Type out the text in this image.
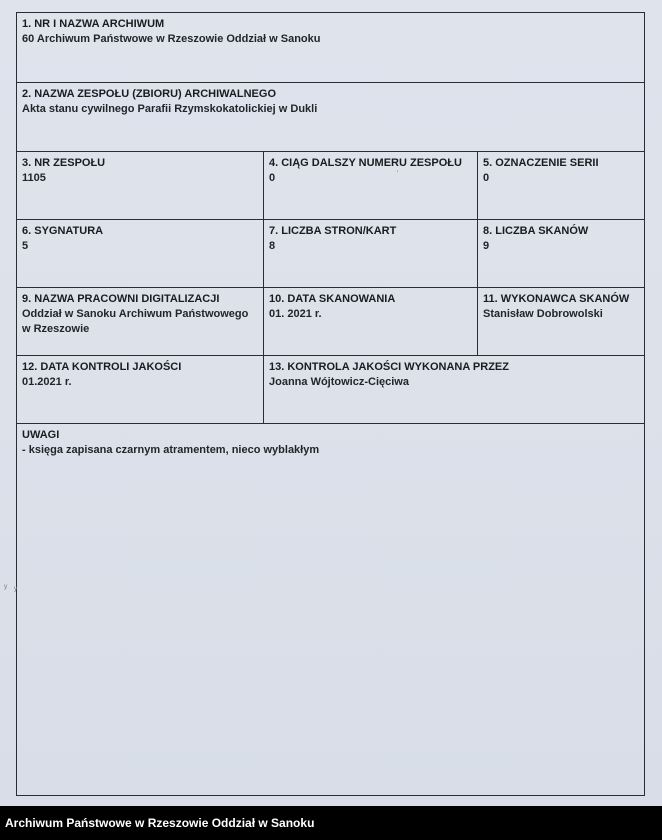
1. NR I NAZWA ARCHIWUM
60 Archiwum Państwowe w Rzeszowie Oddział w Sanoku
2. NAZWA ZESPOŁU (ZBIORU) ARCHIWALNEGO
Akta stanu cywilnego Parafii Rzymskokatolickiej w Dukli
3. NR ZESPOŁU
1105
4. CIĄG DALSZY NUMERU ZESPOŁU
0
5. OZNACZENIE SERII
0
6. SYGNATURA
5
7. LICZBA STRON/KART
8
8. LICZBA SKANÓW
9
9. NAZWA PRACOWNI DIGITALIZACJI
Oddział w Sanoku Archiwum Państwowego w Rzeszowie
10. DATA SKANOWANIA
01. 2021 r.
11. WYKONAWCA SKANÓW
Stanisław Dobrowolski
12. DATA KONTROLI JAKOŚCI
01.2021 r.
13. KONTROLA JAKOŚCI WYKONANA PRZEZ
Joanna Wójtowicz-Cięciwa
UWAGI
- księga zapisana czarnym atramentem, nieco wyblakłym
ʸ ʸ
ˈ
Archiwum Państwowe w Rzeszowie Oddział w Sanoku
